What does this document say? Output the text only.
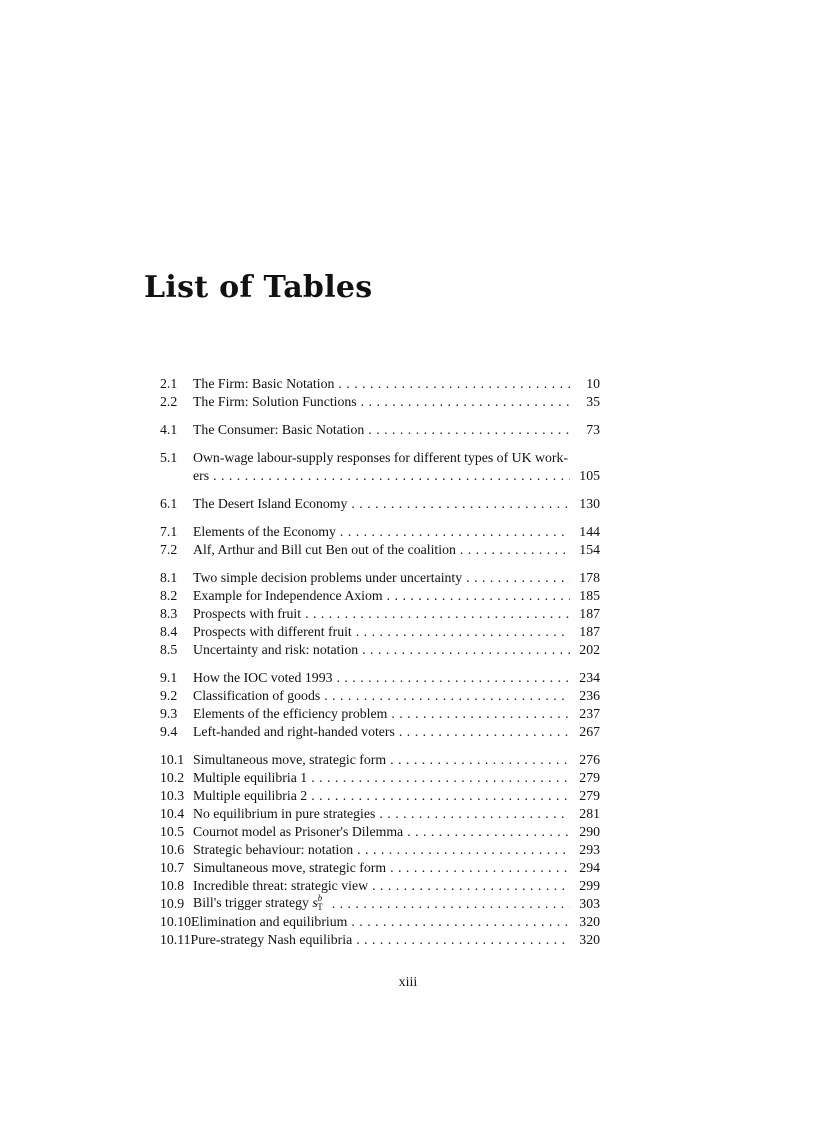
List of Tables
2.1	The Firm: Basic Notation . . .	10
2.2	The Firm: Solution Functions . . .	35
4.1	The Consumer: Basic Notation . . .	73
5.1	Own-wage labour-supply responses for different types of UK work-
ers . . .	105
6.1	The Desert Island Economy . . .	130
7.1	Elements of the Economy . . .	144
7.2	Alf, Arthur and Bill cut Ben out of the coalition . . .	154
8.1	Two simple decision problems under uncertainty . . .	178
8.2	Example for Independence Axiom . . .	185
8.3	Prospects with fruit . . .	187
8.4	Prospects with different fruit . . .	187
8.5	Uncertainty and risk: notation . . .	202
9.1	How the IOC voted 1993 . . .	234
9.2	Classification of goods . . .	236
9.3	Elements of the efficiency problem . . .	237
9.4	Left-handed and right-handed voters . . .	267
10.1 Simultaneous move, strategic form . . .	276
10.2 Multiple equilibria 1 . . .	279
10.3 Multiple equilibria 2 . . .	279
10.4 No equilibrium in pure strategies . . .	281
10.5 Cournot model as Prisoner's Dilemma . . .	290
10.6 Strategic behaviour: notation . . .	293
10.7 Simultaneous move, strategic form . . .	294
10.8 Incredible threat: strategic view . . .	299
10.9 Bill's trigger strategy $s^b_T$ . . .	303
10.10 Elimination and equilibrium . . .	320
10.11 Pure-strategy Nash equilibria . . .	320
xiii
